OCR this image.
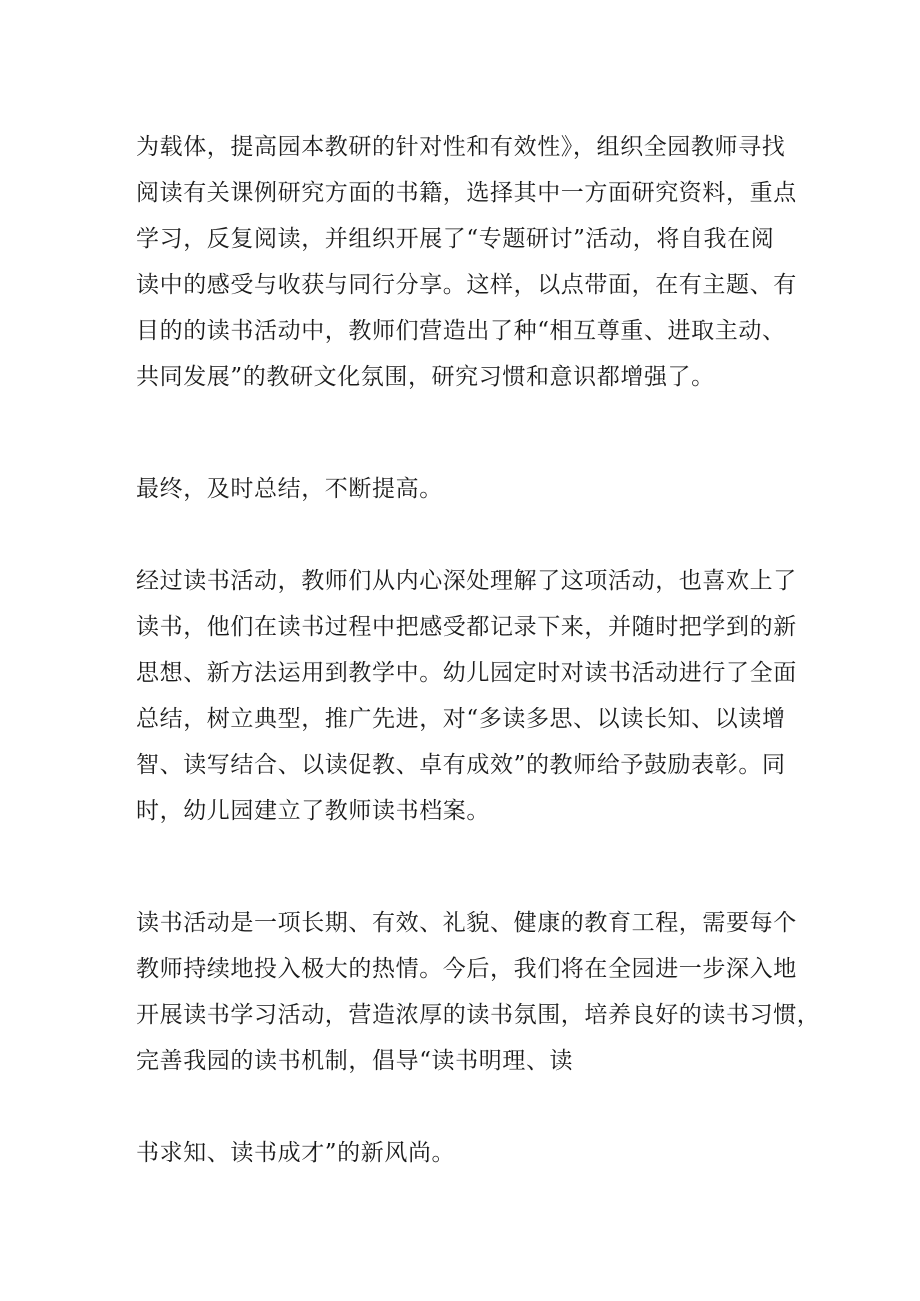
为载体，提高园本教研的针对性和有效性》，组织全园教师寻找
阅读有关课例研究方面的书籍，选择其中一方面研究资料，重点
学习，反复阅读，并组织开展了“专题研讨”活动，将自我在阅
读中的感受与收获与同行分享。这样，以点带面，在有主题、有
目的的读书活动中，教师们营造出了种“相互尊重、进取主动、
共同发展”的教研文化氛围，研究习惯和意识都增强了。
最终，及时总结，不断提高。
经过读书活动，教师们从内心深处理解了这项活动，也喜欢上了
读书，他们在读书过程中把感受都记录下来，并随时把学到的新
思想、新方法运用到教学中。幼儿园定时对读书活动进行了全面
总结，树立典型，推广先进，对“多读多思、以读长知、以读增
智、读写结合、以读促教、卓有成效”的教师给予鼓励表彰。同
时，幼儿园建立了教师读书档案。
读书活动是一项长期、有效、礼貌、健康的教育工程，需要每个
教师持续地投入极大的热情。今后，我们将在全园进一步深入地
开展读书学习活动，营造浓厚的读书氛围，培养良好的读书习惯，
完善我园的读书机制，倡导“读书明理、读
书求知、读书成才”的新风尚。
